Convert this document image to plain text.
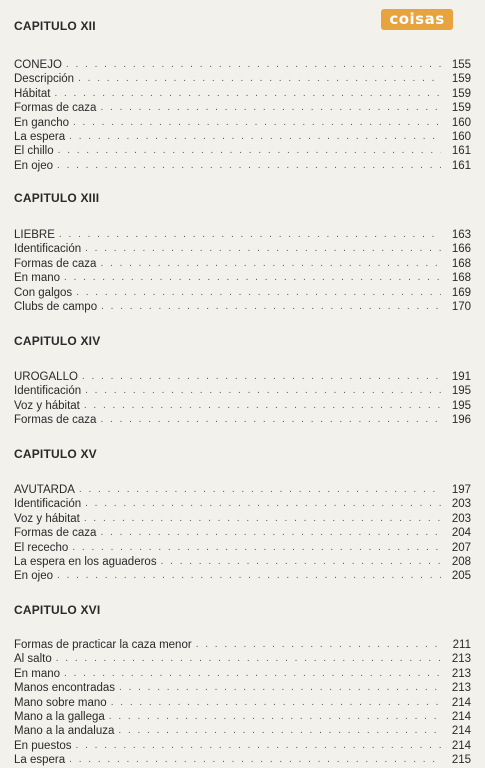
coisas
CAPITULO XII
CONEJO . . .	155
Descripción . . .	159
Hábitat . . .	159
Formas de caza . . .	159
En gancho . . .	160
La espera . . .	160
El chillo . . .	161
En ojeo . . .	161
CAPITULO XIII
LIEBRE . . .	163
Identificación . . .	166
Formas de caza . . .	168
En mano . . .	168
Con galgos . . .	169
Clubs de campo . . .	170
CAPITULO XIV
UROGALLO . . .	191
Identificación . . .	195
Voz y hábitat . . .	195
Formas de caza . . .	196
CAPITULO XV
AVUTARDA . . .	197
Identificación . . .	203
Voz y hábitat . . .	203
Formas de caza . . .	204
El rececho . . .	207
La espera en los aguaderos . . .	208
En ojeo . . .	205
CAPITULO XVI
Formas de practicar la caza menor . . .	211
Al salto . . .	213
En mano . . .	213
Manos encontradas . . .	213
Mano sobre mano . . .	214
Mano a la gallega . . .	214
Mano a la andaluza . . .	214
En puestos . . .	214
La espera . . .	215
